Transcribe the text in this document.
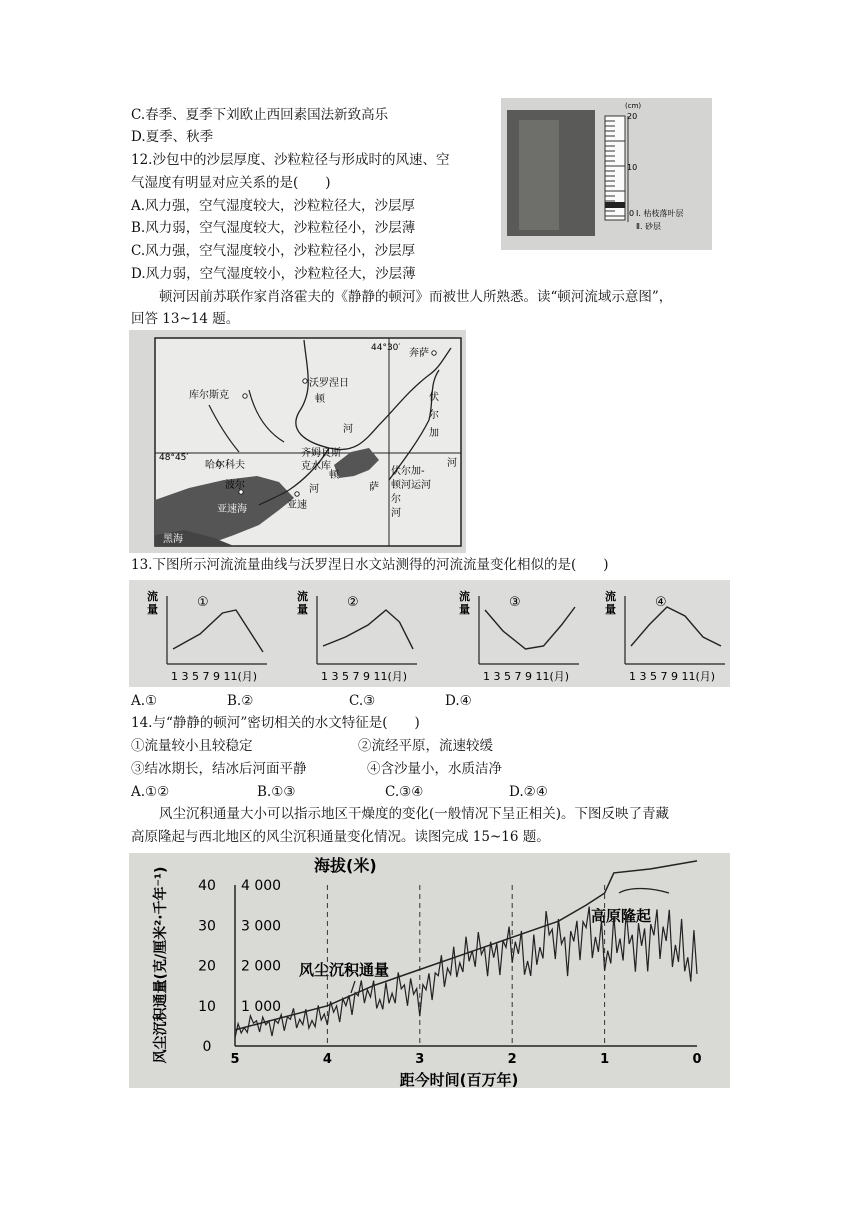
C.春季、夏季下刘欧止西回素国法新致高乐
D.夏季、秋季
(cm)
20
10
0 Ⅰ. 枯枝落叶层
Ⅱ. 砂层
12.沙包中的沙层厚度、沙粒粒径与形成时的风速、空
气湿度有明显对应关系的是(　　)
A.风力强，空气湿度较大，沙粒粒径大，沙层厚
B.风力弱，空气湿度较大，沙粒粒径小，沙层薄
C.风力强，空气湿度较小，沙粒粒径小，沙层厚
D.风力弱，空气湿度较小，沙粒粒径大，沙层薄
顿河因前苏联作家肖洛霍夫的《静静的顿河》而被世人所熟悉。读“顿河流域示意图”，
回答 13~14 题。
44°30′
48°45′
库尔斯克
沃罗涅日
顿
河
伏
尔
加
河
奔萨
齐姆良斯
克水库
哈尔科夫
伏尔加-
顿河运河
顿
河	萨
尔
河
波尔
亚速
亚速海
黑海
13.下图所示河流流量曲线与沃罗涅日水文站测得的河流流量变化相似的是(　　)
流
量
1 3 5 7 9 11(月)
①	流
量
1 3 5 7 9 11(月)
②	流
量
1 3 5 7 9 11(月)
③	流
量
1 3 5 7 9 11(月)
④
A.①	B.②	C.③	D.④
14.与“静静的顿河”密切相关的水文特征是(　　)
①流量较小且较稳定	②流经平原，流速较缓
③结冰期长，结冰后河面平静	④含沙量小，水质洁净
A.①②	B.①③	C.③④	D.②④
风尘沉积通量大小可以指示地区干燥度的变化(一般情况下呈正相关)。下图反映了青藏
高原隆起与西北地区的风尘沉积通量变化情况。读图完成 15~16 题。
海拔(米)
风尘沉积通量(克/厘米²·千年⁻¹)
距今时间(百万年)
风尘沉积通量
高原隆起
5	4	3	2	1	0
0
10
20
30
40
1 000
2 000
3 000
4 000
